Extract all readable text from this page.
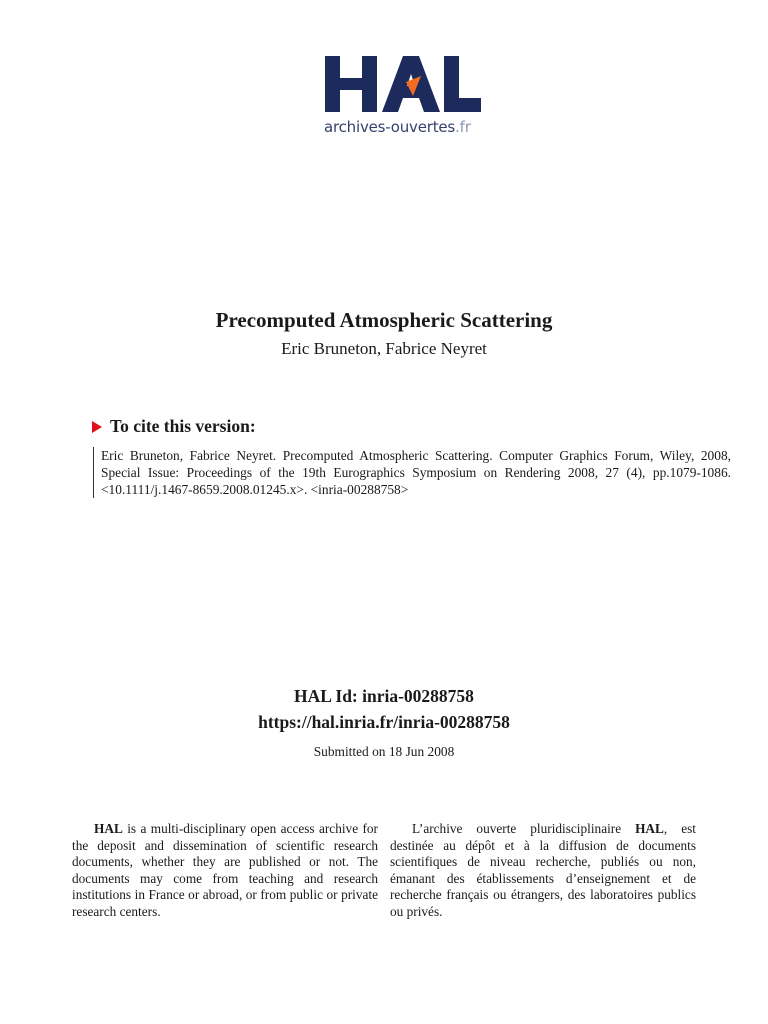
archives-ouvertes.fr
Precomputed Atmospheric Scattering
Eric Bruneton, Fabrice Neyret
To cite this version:
Eric Bruneton, Fabrice Neyret. Precomputed Atmospheric Scattering. Computer Graphics Forum, Wiley, 2008, Special Issue: Proceedings of the 19th Eurographics Symposium on Rendering 2008, 27 (4), pp.1079-1086. <10.1111/j.1467-8659.2008.01245.x>. <inria-00288758>
HAL Id: inria-00288758
https://hal.inria.fr/inria-00288758
Submitted on 18 Jun 2008

HAL is a multi-disciplinary open access archive for the deposit and dissemination of scientific research documents, whether they are published or not. The documents may come from teaching and research institutions in France or abroad, or from public or private research centers.

L’archive ouverte pluridisciplinaire HAL, est destinée au dépôt et à la diffusion de documents scientifiques de niveau recherche, publiés ou non, émanant des établissements d’enseignement et de recherche français ou étrangers, des laboratoires publics ou privés.
